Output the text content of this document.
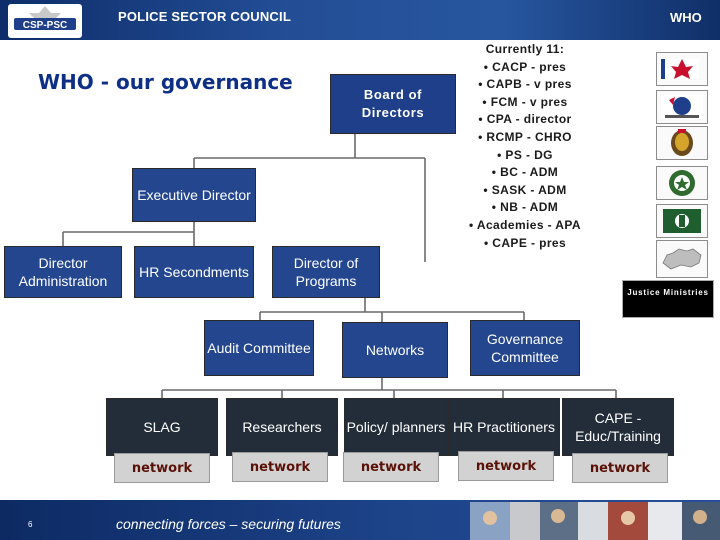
CSP-PSC
POLICE SECTOR COUNCIL	WHO
WHO - our governance
Board of Directors
Executive Director
Director Administration
HR Secondments
Director of Programs
Audit Committee	Networks
Governance Committee
SLAG	Researchers Policy/ planners HR Practitioners
CAPE - Educ/Training
network	network	network	network	network
Currently 11:
• CACP - pres
• CAPB - v pres
• FCM - v pres
• CPA - director
• RCMP - CHRO
• PS - DG
• BC - ADM
• SASK - ADM
• NB - ADM
• Academies - APA
• CAPE - pres
Justice Ministries
6	connecting forces – securing futures
